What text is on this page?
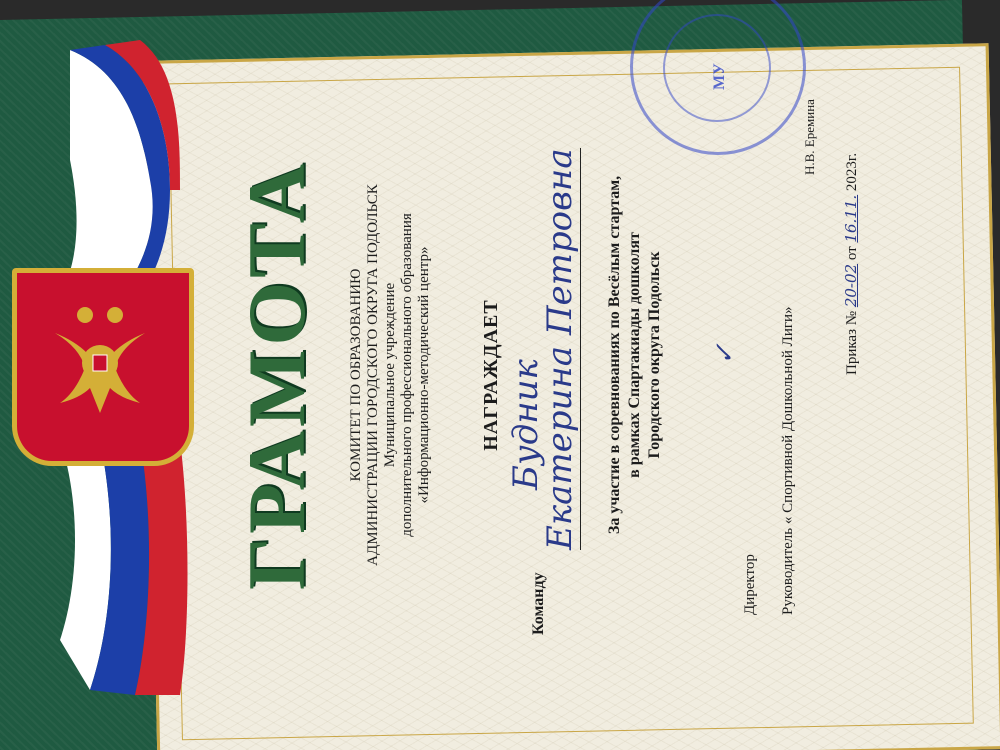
ГРАМОТА КОМИТЕТ ПО ОБРАЗОВАНИЮ АДМИНИСТРАЦИИ ГОРОДСКОГО ОКРУГА ПОДОЛЬСК Муниципальное учреждение дополнительного профессионального образования «Информационно-методический центр» НАГРАЖДАЕТ Будник
Команду
Екатерина Петровна За участие в соревнованиях по Весёлым стартам, в рамках Спартакиады дошколят Городского округа Подольск
Директор
✓
МУ
Руководитель « Спортивной Дошкольной Лиги»
Н.В. Еремина
Приказ № 20-02 от 16.11. 2023г.
